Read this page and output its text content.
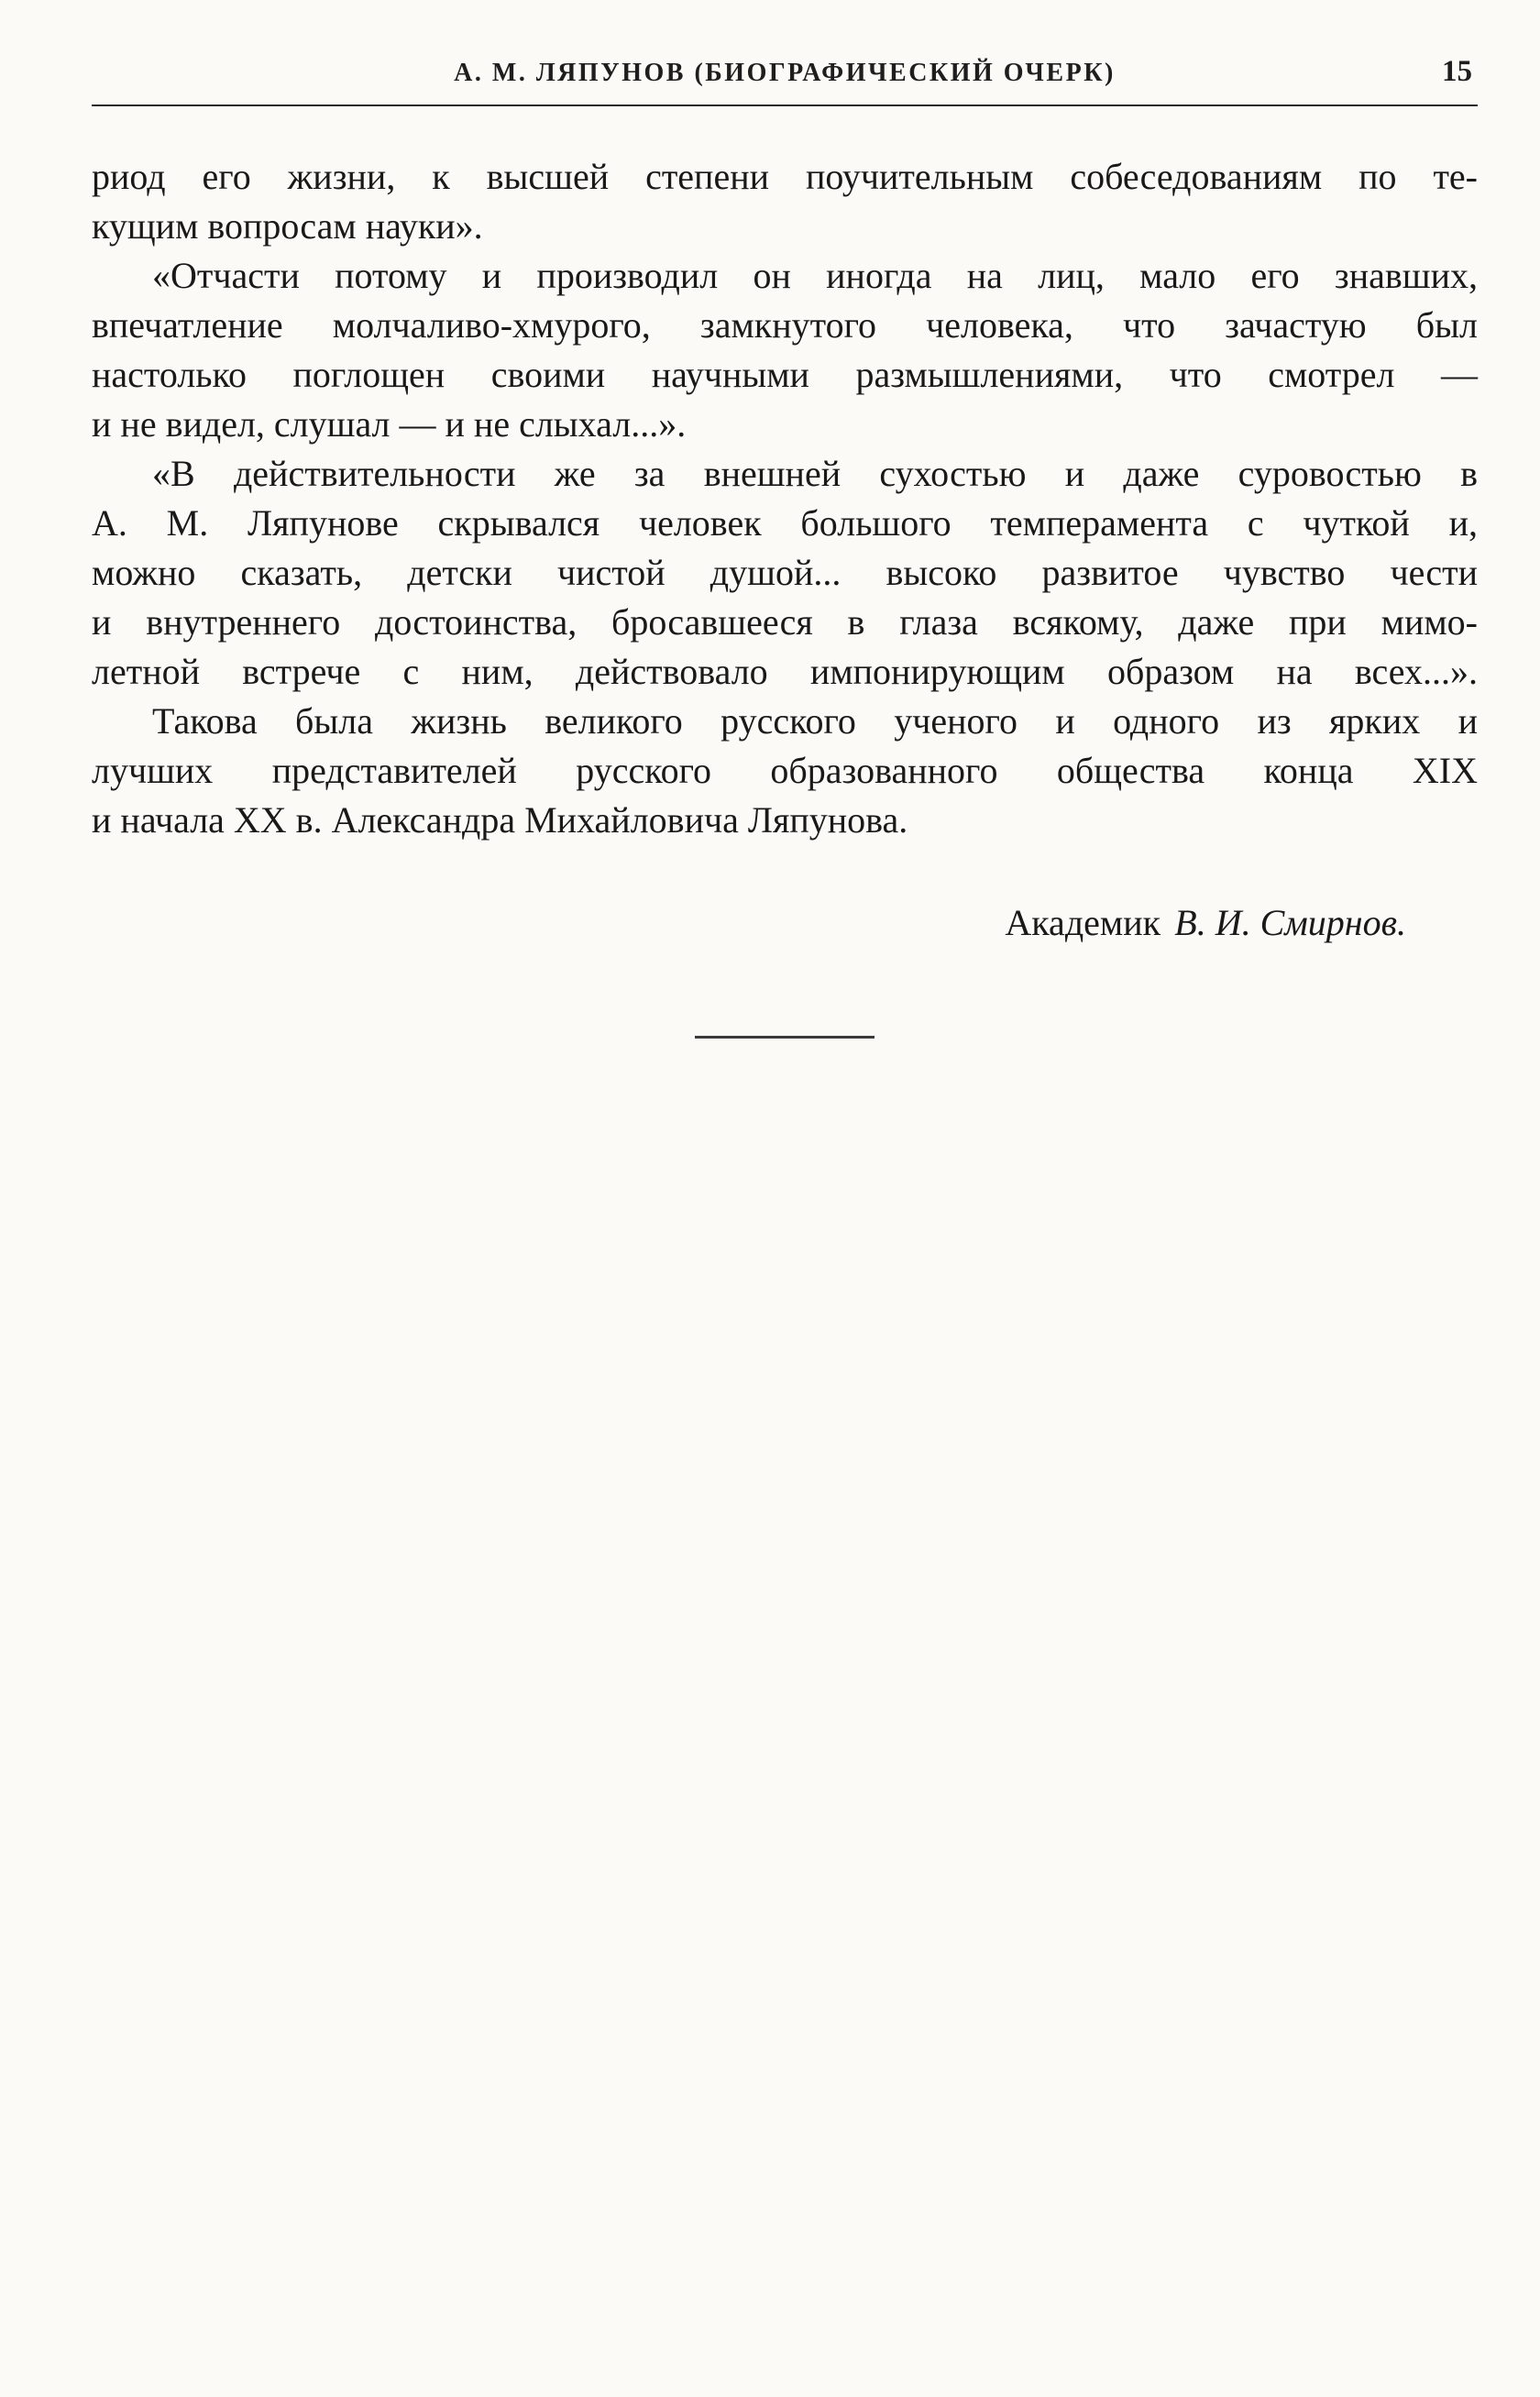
А. М. ЛЯПУНОВ (БИОГРАФИЧЕСКИЙ ОЧЕРК)	15

риод его жизни, к высшей степени поучительным собеседованиям по те-
кущим вопросам науки».

«Отчасти потому и производил он иногда на лиц, мало его знавших,
впечатление молчаливо-хмурого, замкнутого человека, что зачастую был
настолько поглощен своими научными размышлениями, что смотрел —
и не видел, слушал — и не слыхал...».

«В действительности же за внешней сухостью и даже суровостью в
А. М. Ляпунове скрывался человек большого темперамента с чуткой и,
можно сказать, детски чистой душой... высоко развитое чувство чести
и внутреннего достоинства, бросавшееся в глаза всякому, даже при мимо-
летной встрече с ним, действовало импонирующим образом на всех...».

Такова была жизнь великого русского ученого и одного из ярких и
лучших представителей русского образованного общества конца XIX
и начала XX в. Александра Михайловича Ляпунова.

Академик В. И. Смирнов.
